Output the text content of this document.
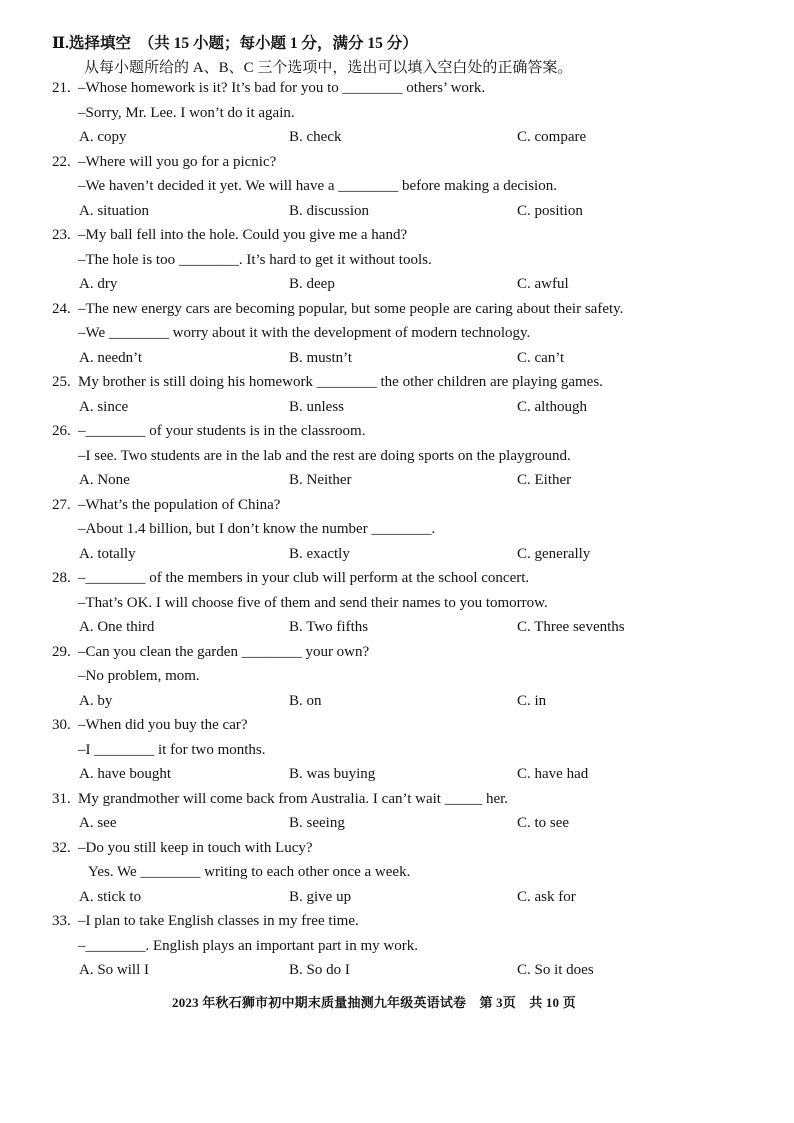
Ⅱ.选择填空　（共 15 小题；每小题 1 分，满分 15 分）
从每小题所给的 A、B、C 三个选项中，选出可以填入空白处的正确答案。
21. –Whose homework is it? It’s bad for you to ________ others’ work.
–Sorry, Mr. Lee. I won’t do it again.
A. copy	B. check	C. compare
22. –Where will you go for a picnic?
–We haven’t decided it yet. We will have a ________ before making a decision.
A. situation	B. discussion	C. position
23. –My ball fell into the hole. Could you give me a hand?
–The hole is too ________. It’s hard to get it without tools.
A. dry	B. deep	C. awful
24. –The new energy cars are becoming popular, but some people are caring about their safety.
–We ________ worry about it with the development of modern technology.
A. needn’t	B. mustn’t	C. can’t
25. My brother is still doing his homework ________ the other children are playing games.
A. since	B. unless	C. although
26. –________ of your students is in the classroom.
–I see. Two students are in the lab and the rest are doing sports on the playground.
A. None	B. Neither	C. Either
27. –What’s the population of China?
–About 1.4 billion, but I don’t know the number ________.
A. totally	B. exactly	C. generally
28. –________ of the members in your club will perform at the school concert.
–That’s OK. I will choose five of them and send their names to you tomorrow.
A. One third	B. Two fifths	C. Three sevenths
29. –Can you clean the garden ________ your own?
–No problem, mom.
A. by	B. on	C. in
30. –When did you buy the car?
–I ________ it for two months.
A. have bought	B. was buying	C. have had
31. My grandmother will come back from Australia. I can’t wait _____ her.
A. see	B. seeing	C. to see
32. –Do you still keep in touch with Lucy?
Yes. We ________ writing to each other once a week.
A. stick to	B. give up	C. ask for
33. –I plan to take English classes in my free time.
–________. English plays an important part in my work.
A. So will I	B. So do I	C. So it does
2023 年秋石狮市初中期末质量抽测九年级英语试卷　第 3页　共 10 页
